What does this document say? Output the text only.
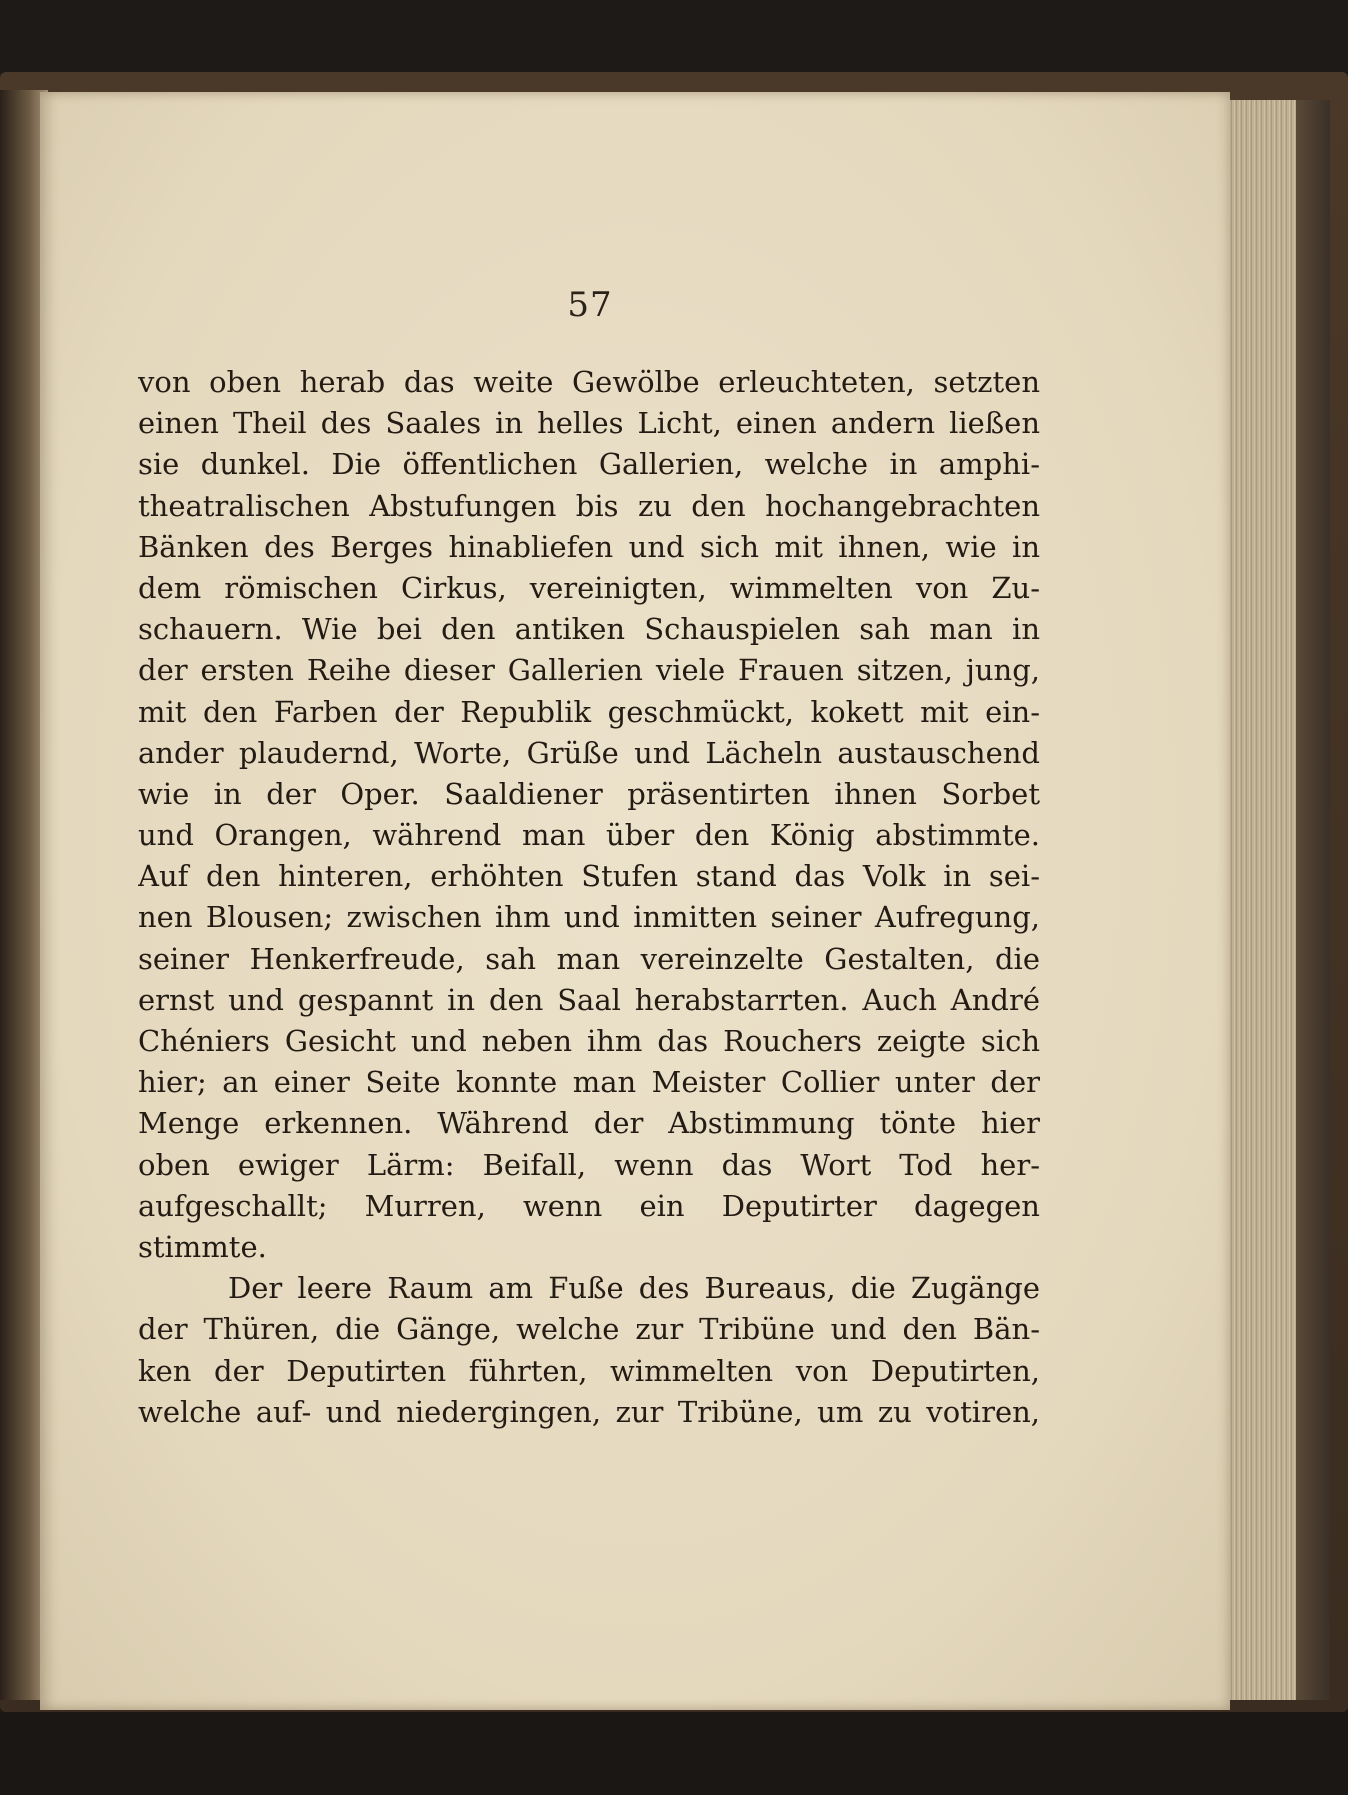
57
von oben herab das weite Gewölbe erleuchteten, setzten
einen Theil des Saales in helles Licht, einen andern ließen
sie dunkel. Die öffentlichen Gallerien, welche in amphi-
theatralischen Abstufungen bis zu den hochangebrachten
Bänken des Berges hinabliefen und sich mit ihnen, wie in
dem römischen Cirkus, vereinigten, wimmelten von Zu-
schauern. Wie bei den antiken Schauspielen sah man in
der ersten Reihe dieser Gallerien viele Frauen sitzen, jung,
mit den Farben der Republik geschmückt, kokett mit ein-
ander plaudernd, Worte, Grüße und Lächeln austauschend
wie in der Oper. Saaldiener präsentirten ihnen Sorbet
und Orangen, während man über den König abstimmte.
Auf den hinteren, erhöhten Stufen stand das Volk in sei-
nen Blousen; zwischen ihm und inmitten seiner Aufregung,
seiner Henkerfreude, sah man vereinzelte Gestalten, die
ernst und gespannt in den Saal herabstarrten. Auch André
Chéniers Gesicht und neben ihm das Rouchers zeigte sich
hier; an einer Seite konnte man Meister Collier unter der
Menge erkennen. Während der Abstimmung tönte hier
oben ewiger Lärm: Beifall, wenn das Wort Tod her-
aufgeschallt; Murren, wenn ein Deputirter dagegen
stimmte.
Der leere Raum am Fuße des Bureaus, die Zugänge
der Thüren, die Gänge, welche zur Tribüne und den Bän-
ken der Deputirten führten, wimmelten von Deputirten,
welche auf- und niedergingen, zur Tribüne, um zu votiren,
